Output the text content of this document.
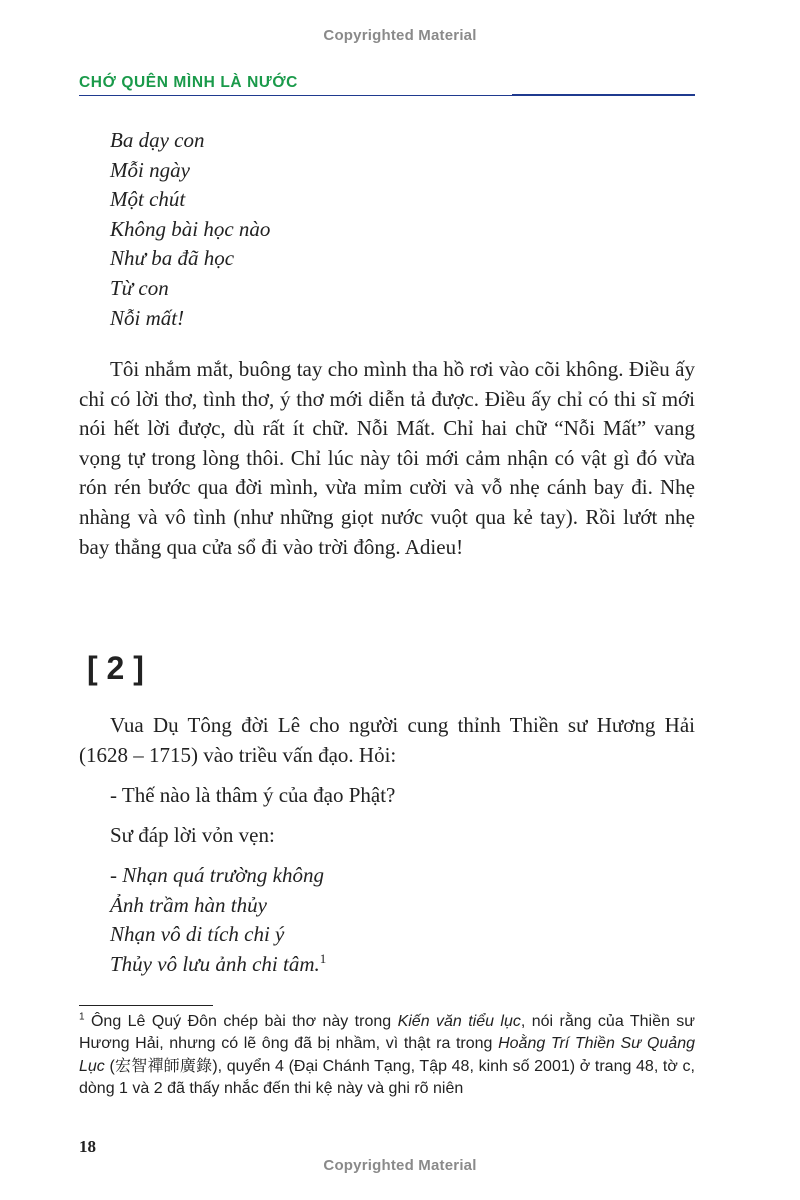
Copyrighted Material
CHỚ QUÊN MÌNH LÀ NƯỚC
Ba dạy con
Mỗi ngày
Một chút
Không bài học nào
Như ba đã học
Từ con
Nỗi mất!
Tôi nhắm mắt, buông tay cho mình tha hồ rơi vào cõi không. Điều ấy chỉ có lời thơ, tình thơ, ý thơ mới diễn tả được. Điều ấy chỉ có thi sĩ mới nói hết lời được, dù rất ít chữ. Nỗi Mất. Chỉ hai chữ “Nỗi Mất” vang vọng tự trong lòng thôi. Chỉ lúc này tôi mới cảm nhận có vật gì đó vừa rón rén bước qua đời mình, vừa mỉm cười và vỗ nhẹ cánh bay đi. Nhẹ nhàng và vô tình (như những giọt nước vuột qua kẻ tay). Rồi lướt nhẹ bay thẳng qua cửa sổ đi vào trời đông. Adieu!
[ 2 ]
Vua Dụ Tông đời Lê cho người cung thỉnh Thiền sư Hương Hải (1628 – 1715) vào triều vấn đạo. Hỏi:
- Thế nào là thâm ý của đạo Phật?
Sư đáp lời vỏn vẹn:
- Nhạn quá trường không
Ảnh trầm hàn thủy
Nhạn vô di tích chi ý
Thủy vô lưu ảnh chi tâm.$^1$
$^1$ Ông Lê Quý Đôn chép bài thơ này trong Kiến văn tiểu lục, nói rằng của Thiền sư Hương Hải, nhưng có lẽ ông đã bị nhầm, vì thật ra trong Hoằng Trí Thiền Sư Quảng Lục (宏智禪師廣錄), quyển 4 (Đại Chánh Tạng, Tập 48, kinh số 2001) ở trang 48, tờ c, dòng 1 và 2 đã thấy nhắc đến thi kệ này và ghi rõ niên
18
Copyrighted Material
